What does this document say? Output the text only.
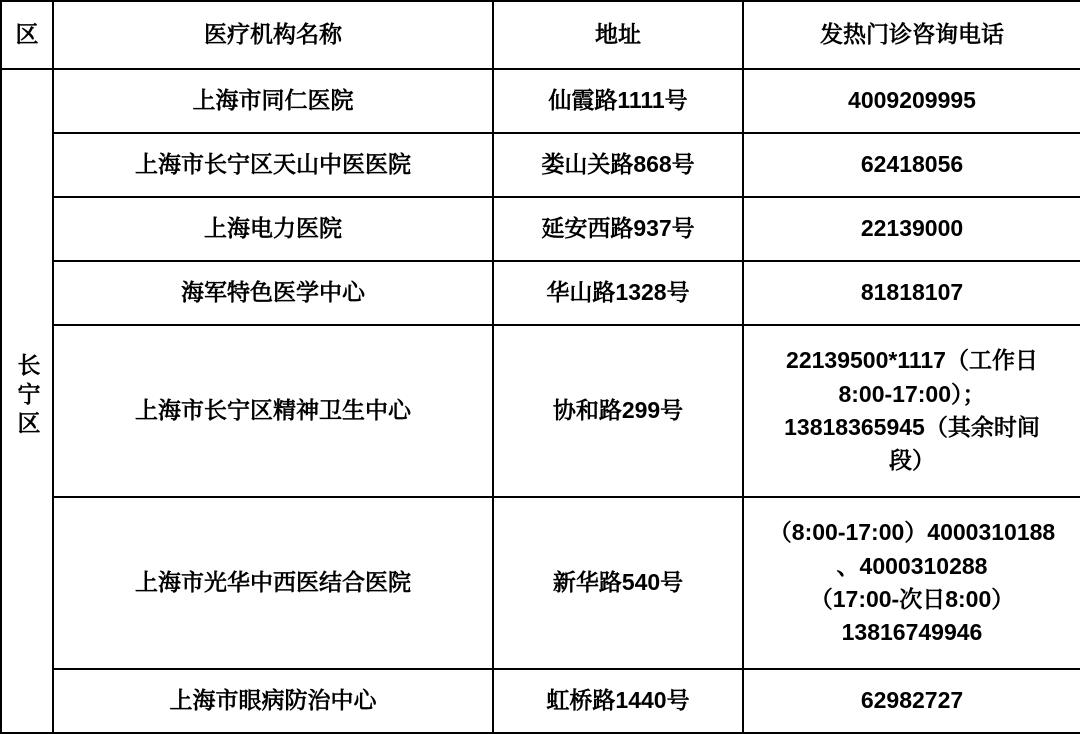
区	医疗机构名称	地址	发热门诊咨询电话
长宁区	上海市同仁医院	仙霞路1111号	4009209995
	上海市长宁区天山中医医院	娄山关路868号	62418056
	上海电力医院	延安西路937号	22139000
	海军特色医学中心	华山路1328号	81818107
	上海市长宁区精神卫生中心	协和路299号	22139500*1117（工作日
8:00-17:00）；
13818365945（其余时间
段）

	上海市光华中西医结合医院	新华路540号	（8:00-17:00）4000310188
、4000310288
（17:00-次日8:00）
13816749946

	上海市眼病防治中心	虹桥路1440号	62982727
